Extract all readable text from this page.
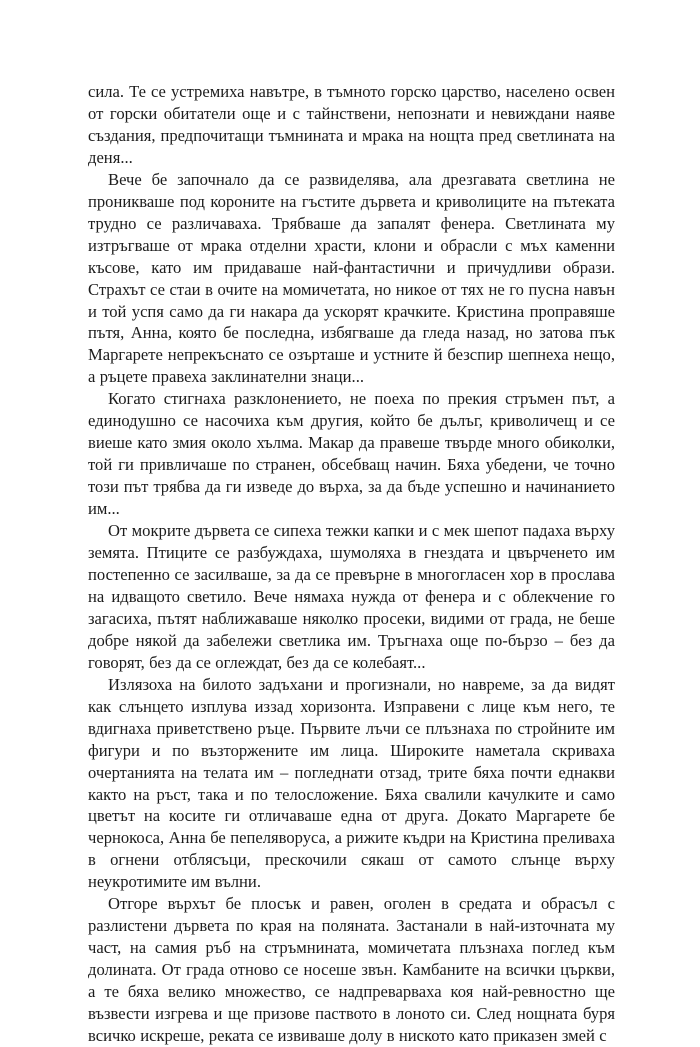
сила. Те се устремиха навътре, в тъмното горско царство, населено освен от горски обитатели още и с тайнствени, непознати и невиждани наяве създания, предпочитащи тъмнината и мрака на нощта пред светлината на деня...

Вече бе започнало да се развиделява, ала дрезгавата светлина не проникваше под короните на гъстите дървета и криволиците на пътеката трудно се различаваха. Трябваше да запалят фенера. Светлината му изтръгваше от мрака отделни храсти, клони и обрасли с мъх каменни късове, като им придаваше най-фантастични и причудливи образи. Страхът се стаи в очите на момичетата, но никое от тях не го пусна навън и той успя само да ги накара да ускорят крачките. Кристина проправяше пътя, Анна, която бе последна, избягваше да гледа назад, но затова пък Маргарете непрекъснато се озърташе и устните й безспир шепнеха нещо, а ръцете правеха заклинателни знаци...

Когато стигнаха разклонението, не поеха по прекия стръмен път, а единодушно се насочиха към другия, който бе дълъг, криволичещ и се виеше като змия около хълма. Макар да правеше твърде много обиколки, той ги привличаше по странен, обсебващ начин. Бяха убедени, че точно този път трябва да ги изведе до върха, за да бъде успешно и начинанието им...

От мокрите дървета се сипеха тежки капки и с мек шепот падаха върху земята. Птиците се разбуждаха, шумоляха в гнездата и цвърченето им постепенно се засилваше, за да се превърне в многогласен хор в прослава на идващото светило. Вече нямаха нужда от фенера и с облекчение го загасиха, пътят наближаваше няколко просеки, видими от града, не беше добре някой да забележи светлика им. Тръгнаха още по-бързо – без да говорят, без да се оглеждат, без да се колебаят...

Излязоха на билото задъхани и прогизнали, но навреме, за да видят как слънцето изплува иззад хоризонта. Изправени с лице към него, те вдигнаха приветствено ръце. Първите лъчи се плъзнаха по стройните им фигури и по възторжените им лица. Широките наметала скриваха очертанията на телата им – погледнати отзад, трите бяха почти еднакви както на ръст, така и по телосложение. Бяха свалили качулките и само цветът на косите ги отличаваше една от друга. Докато Маргарете бе чернокоса, Анна бе пепеляворуса, а рижите къдри на Кристина преливаха в огнени отблясъци, прескочили сякаш от самото слънце върху неукротимите им вълни.

Отгоре върхът бе плосък и равен, оголен в средата и обрасъл с разлистени дървета по края на поляната. Застанали в най-източната му част, на самия ръб на стръмнината, момичетата плъзнаха поглед към долината. От града отново се носеше звън. Камбаните на всички църкви, а те бяха велико множество, се надпреварваха коя най-ревностно ще възвести изгрева и ще призове паството в лоното си. След нощната буря всичко искреше, реката се извиваше долу в ниското като приказен змей с
